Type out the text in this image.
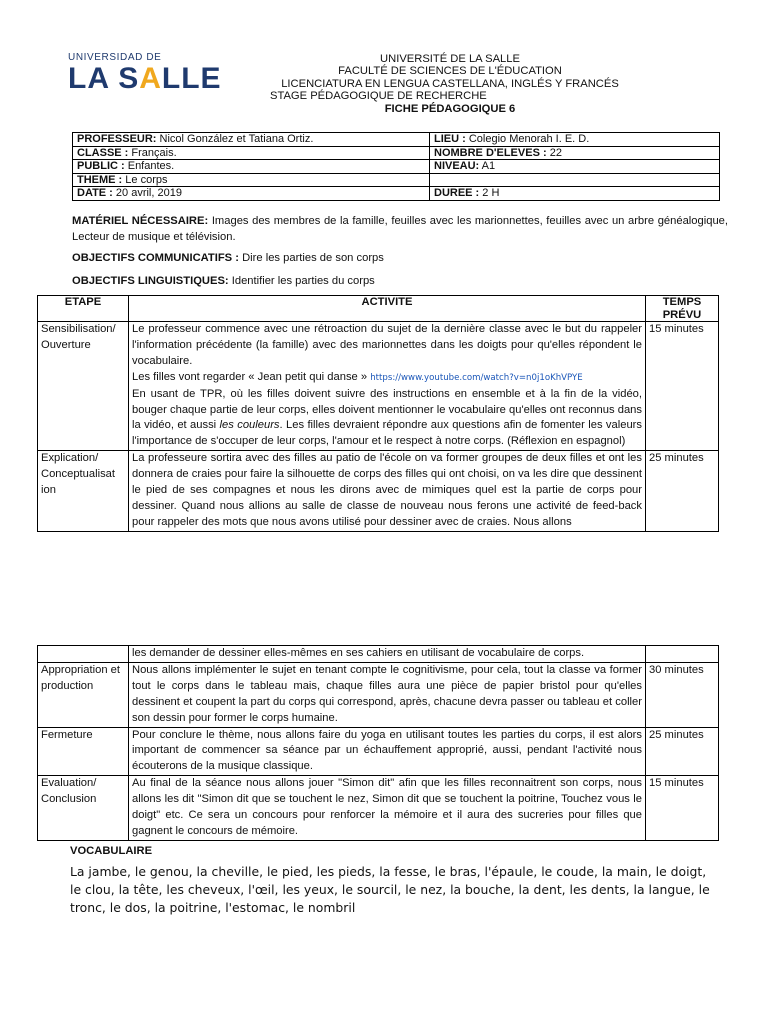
UNIVERSIDAD DE
LA SALLE
UNIVERSITÉ DE LA SALLE
FACULTÉ DE SCIENCES DE L'ÉDUCATION
LICENCIATURA EN LENGUA CASTELLANA, INGLÉS Y FRANCÉS
STAGE PÉDAGOGIQUE DE RECHERCHE
FICHE PÉDAGOGIQUE 6
PROFESSEUR: Nicol González et Tatiana Ortiz.	LIEU : Colegio Menorah I. E. D.
CLASSE : Français.	NOMBRE D'ELEVES : 22
PUBLIC : Enfantes.	NIVEAU: A1
THEME : Le corps	
DATE : 20 avril, 2019	DUREE : 2 H
MATÉRIEL NÉCESSAIRE: Images des membres de la famille, feuilles avec les marionnettes, feuilles avec un arbre généalogique, Lecteur de musique et télévision.
OBJECTIFS COMMUNICATIFS : Dire les parties de son corps
OBJECTIFS LINGUISTIQUES: Identifier les parties du corps
ETAPE	ACTIVITE	TEMPS PRÉVU
Sensibilisation/ Ouverture	Le professeur commence avec une rétroaction du sujet de la dernière classe avec le but du rappeler l'information précédente (la famille) avec des marionnettes dans les doigts pour qu'elles répondent le vocabulaire.
Les filles vont regarder « Jean petit qui danse » https://www.youtube.com/watch?v=n0j1oKhVPYE
En usant de TPR, où les filles doivent suivre des instructions en ensemble et à la fin de la vidéo, bouger chaque partie de leur corps, elles doivent mentionner le vocabulaire qu'elles ont reconnus dans la vidéo, et aussi les couleurs. Les filles devraient répondre aux questions afin de fomenter les valeurs l'importance de s'occuper de leur corps, l'amour et le respect à notre corps. (Réflexion en espagnol)	15 minutes
Explication/ Conceptualisat ion	La professeure sortira avec des filles au patio de l'école on va former groupes de deux filles et ont les donnera de craies pour faire la silhouette de corps des filles qui ont choisi, on va les dire que dessinent le pied de ses compagnes et nous les dirons avec de mimiques quel est la partie de corps pour dessiner. Quand nous allions au salle de classe de nouveau nous ferons une activité de feed-back pour rappeler des mots que nous avons utilisé pour dessiner avec de craies. Nous allons	25 minutes
	les demander de dessiner elles-mêmes en ses cahiers en utilisant de vocabulaire de corps.	
Appropriation et production	Nous allons implémenter le sujet en tenant compte le cognitivisme, pour cela, tout la classe va former tout le corps dans le tableau mais, chaque filles aura une pièce de papier bristol pour qu'elles dessinent et coupent la part du corps qui correspond, après, chacune devra passer ou tableau et coller son dessin pour former le corps humaine.	30 minutes
Fermeture	Pour conclure le thème, nous allons faire du yoga en utilisant toutes les parties du corps, il est alors important de commencer sa séance par un échauffement approprié, aussi, pendant l'activité nous écouterons de la musique classique.	25 minutes
Evaluation/ Conclusion	Au final de la séance nous allons jouer "Simon dit" afin que les filles reconnaitrent son corps, nous allons les dit "Simon dit que se touchent le nez, Simon dit que se touchent la poitrine, Touchez vous le doigt" etc. Ce sera un concours pour renforcer la mémoire et il aura des sucreries pour filles que gagnent le concours de mémoire.	15 minutes
VOCABULAIRE
La jambe, le genou, la cheville, le pied, les pieds, la fesse, le bras, l'épaule, le coude, la main, le doigt, le clou, la tête, les cheveux, l'œil, les yeux, le sourcil, le nez, la bouche, la dent, les dents, la langue, le tronc, le dos, la poitrine, l'estomac, le nombril
